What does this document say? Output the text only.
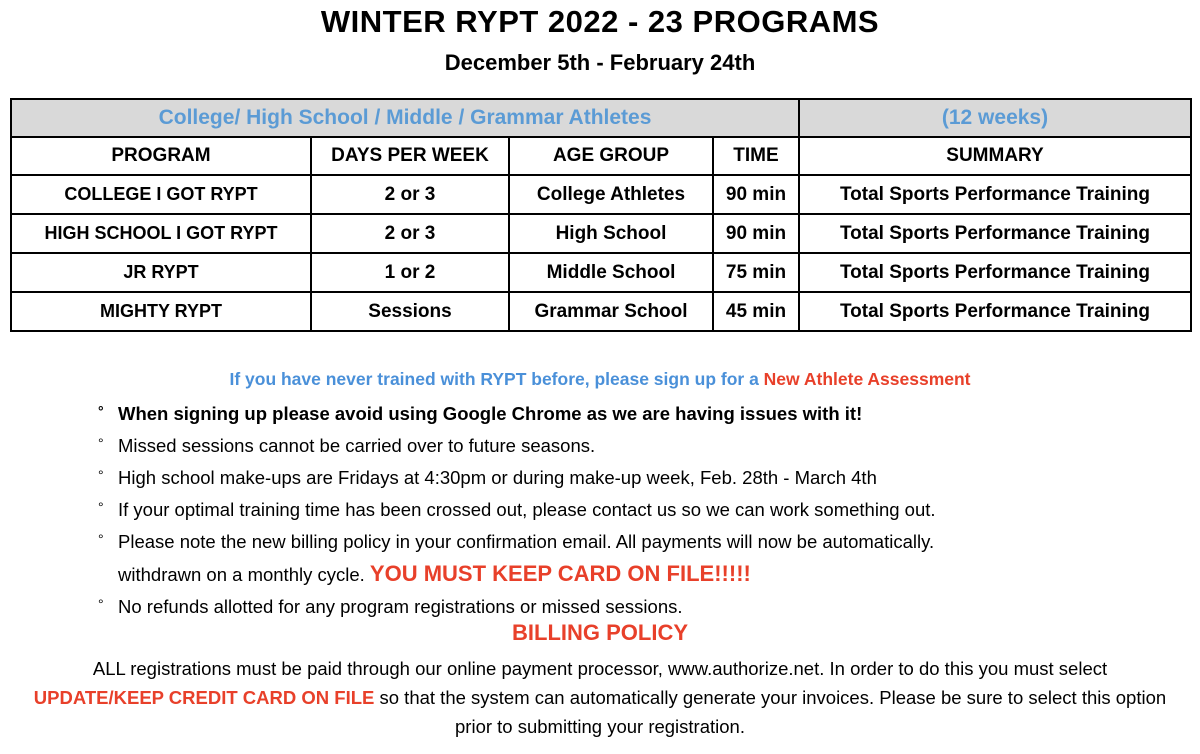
WINTER RYPT 2022 - 23 PROGRAMS
December 5th - February 24th
College/ High School / Middle / Grammar Athletes				(12 weeks)
PROGRAM	DAYS PER WEEK	AGE GROUP	TIME	SUMMARY
COLLEGE I GOT RYPT	2 or 3	College Athletes	90 min	Total Sports Performance Training
HIGH SCHOOL I GOT RYPT	2 or 3	High School	90 min	Total Sports Performance Training
JR RYPT	1 or 2	Middle School	75 min	Total Sports Performance Training
MIGHTY RYPT	Sessions	Grammar School	45 min	Total Sports Performance Training
If you have never trained with RYPT before, please sign up for a New Athlete Assessment
° When signing up please avoid using Google Chrome as we are having issues with it!
° Missed sessions cannot be carried over to future seasons.
° High school make-ups are Fridays at 4:30pm or during make-up week, Feb. 28th - March 4th
° If your optimal training time has been crossed out, please contact us so we can work something out.
° Please note the new billing policy in your confirmation email. All payments will now be automatically.
withdrawn on a monthly cycle. YOU MUST KEEP CARD ON FILE!!!!!
° No refunds allotted for any program registrations or missed sessions.
BILLING POLICY
ALL registrations must be paid through our online payment processor, www.authorize.net. In order to do this you must select UPDATE/KEEP CREDIT CARD ON FILE so that the system can automatically generate your invoices. Please be sure to select this option prior to submitting your registration.
